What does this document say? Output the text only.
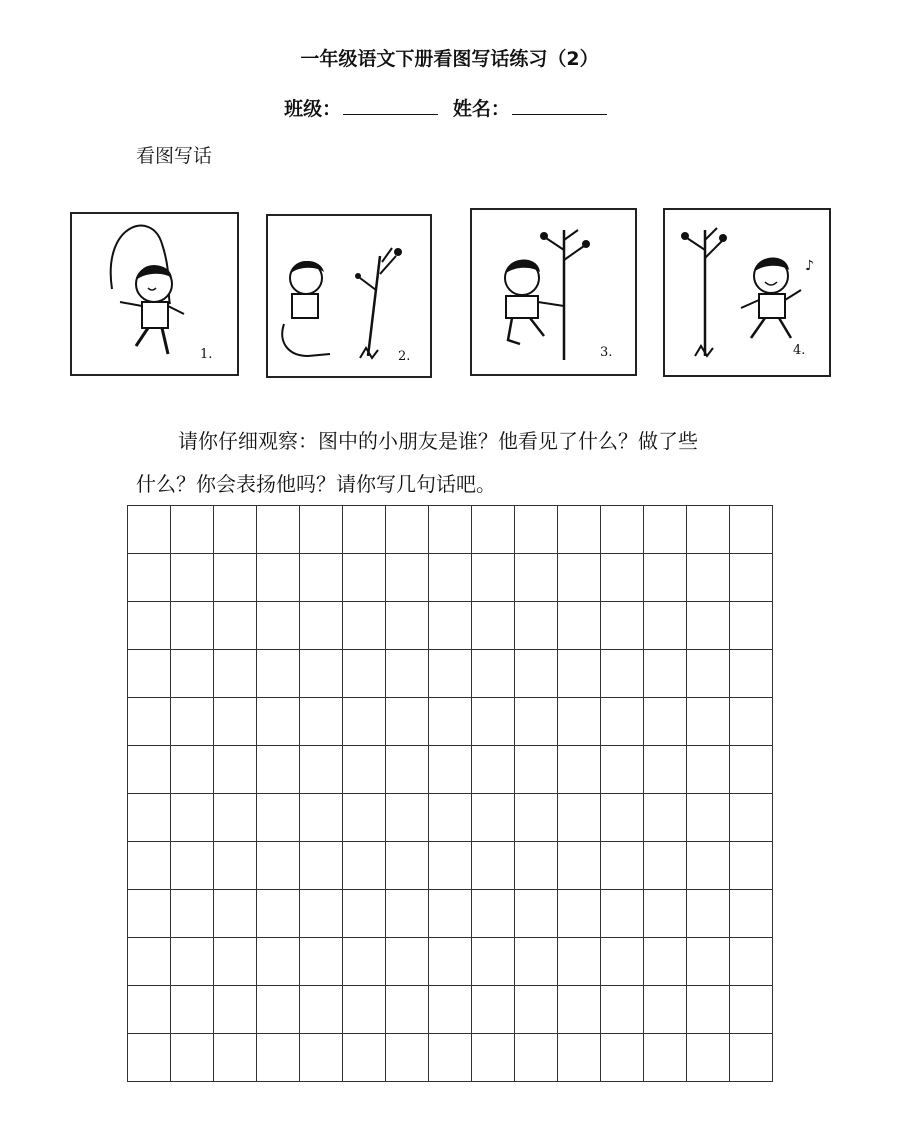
一年级语文下册看图写话练习（2）
班级：	姓名：
看图写话
1.	2.	3.
♪
4.

请你仔细观察：图中的小朋友是谁？他看见了什么？做了些

什么？你会表扬他吗？请你写几句话吧。
